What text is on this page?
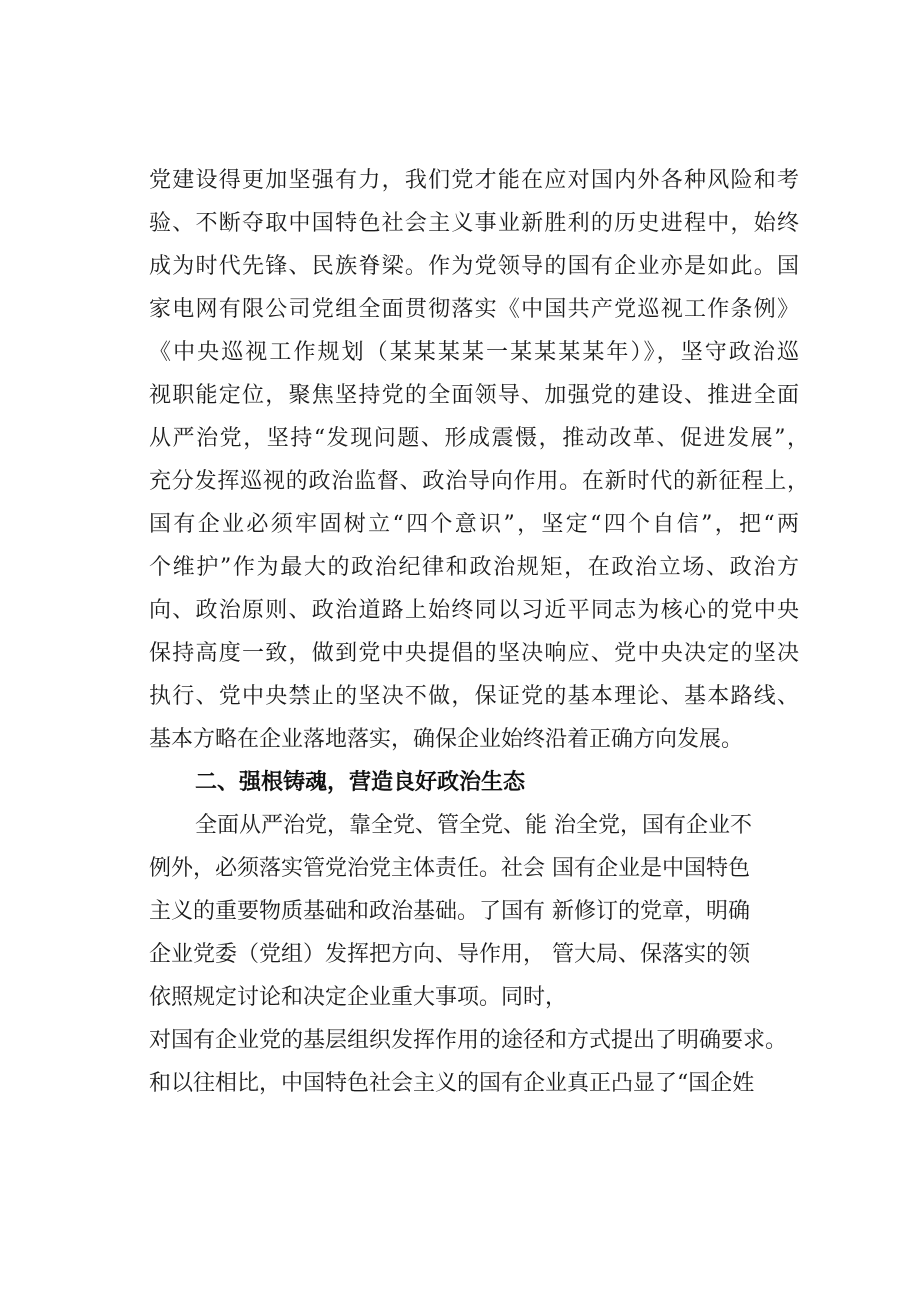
党建设得更加坚强有力，我们党才能在应对国内外各种风险和考
验、不断夺取中国特色社会主义事业新胜利的历史进程中，始终
成为时代先锋、民族脊梁。作为党领导的国有企业亦是如此。国
家电网有限公司党组全面贯彻落实《中国共产党巡视工作条例》
《中央巡视工作规划（某某某某一某某某某年）》，坚守政治巡
视职能定位，聚焦坚持党的全面领导、加强党的建设、推进全面
从严治党，坚持“发现问题、形成震慑，推动改革、促进发展”，
充分发挥巡视的政治监督、政治导向作用。在新时代的新征程上，
国有企业必须牢固树立“四个意识”，坚定“四个自信”，把“两
个维护”作为最大的政治纪律和政治规矩，在政治立场、政治方
向、政治原则、政治道路上始终同以习近平同志为核心的党中央
保持高度一致，做到党中央提倡的坚决响应、党中央决定的坚决
执行、党中央禁止的坚决不做，保证党的基本理论、基本路线、
基本方略在企业落地落实，确保企业始终沿着正确方向发展。
二、强根铸魂，营造良好政治生态
全面从严治党，靠全党、管全党、能 治全党，国有企业不
例外，必须落实管党治党主体责任。社会 国有企业是中国特色
主义的重要物质基础和政治基础。了国有 新修订的党章，明确
企业党委（党组）发挥把方向、导作用， 管大局、保落实的领
依照规定讨论和决定企业重大事项。同时，
对国有企业党的基层组织发挥作用的途径和方式提出了明确要求。
和以往相比，中国特色社会主义的国有企业真正凸显了“国企姓
